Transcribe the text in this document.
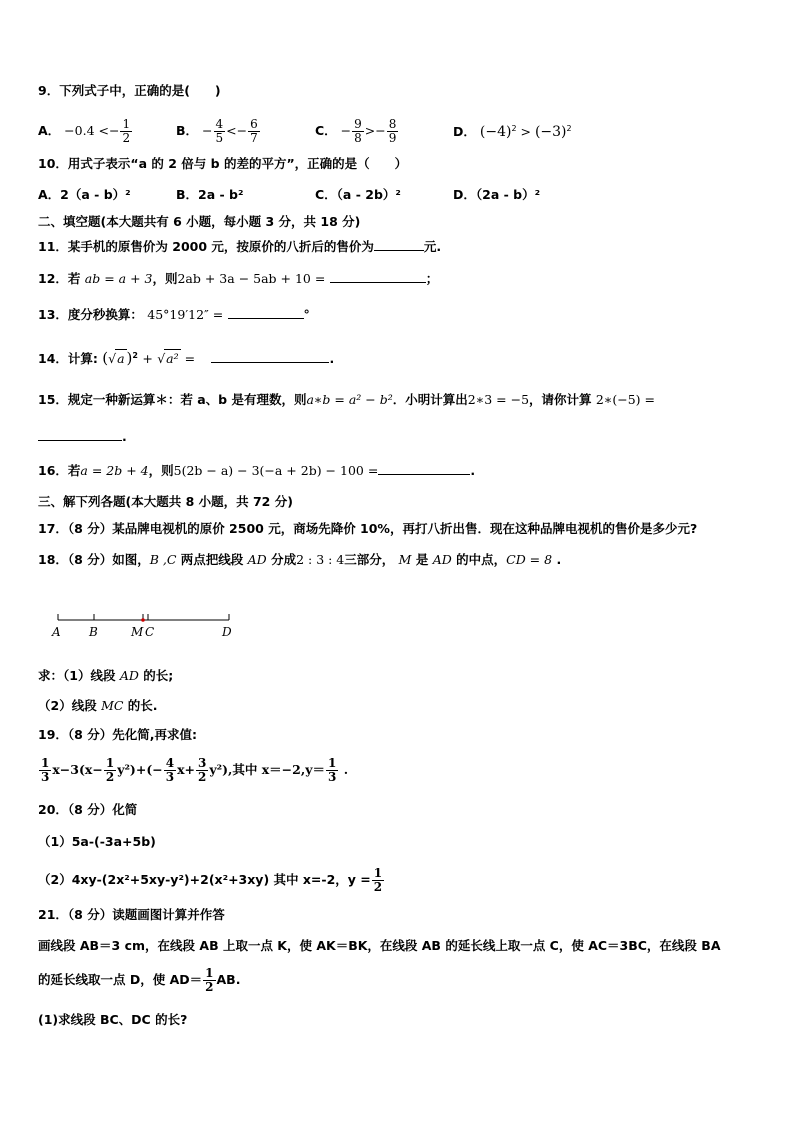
9．下列式子中，正确的是(　　)
A． $-0.4 <- \frac{1}{2}$	B． − $\frac{4}{5} <- \frac{6}{7}$	C． − $\frac{9}{8} >- \frac{8}{9}$	D． $(-4)^2 > (-3)^2$
10．用式子表示“a 的 2 倍与 b 的差的平方”，正确的是（　　）
A．2（a - b）²	B．2a - b²	C．（a - 2b）²	D．（2a - b）²
二、填空题(本大题共有 6 小题，每小题 3 分，共 18 分)
11．某手机的原售价为 2000 元，按原价的八折后的售价为	元.
12．若 ab = a + 3，则2ab + 3a − 5ab + 10 =	；
13．度分秒换算： 45°19′12″ =	°
14．计算: (√a )$^2$ + √a² =	.
15．规定一种新运算＊：若 a、b 是有理数，则a∗b = a² − b²．小明计算出2∗3 = −5，请你计算 2∗(−5) =
.
16．若a = 2b + 4，则5(2b − a) − 3(−a + 2b) − 100 =	.
三、解下列各题(本大题共 8 小题，共 72 分)
17．（8 分）某品牌电视机的原价 2500 元，商场先降价 10%，再打八折出售．现在这种品牌电视机的售价是多少元?
18．（8 分）如图，B ,C 两点把线段 AD 分成2 : 3 : 4三部分， M 是 AD 的中点，CD = 8 .
A B	M C	D
求：（1）线段 AD 的长;
（2）线段 MC 的长.
19．（8 分）先化简,再求值:
$\frac{1}{3} x-3(x- \frac{1}{2} y^2)+(- \frac{4}{3} x+ \frac{3}{2} y^2)$,其中 $x=-2,y= \frac{1}{3}$ .
20．（8 分）化简
（1）5a-(-3a+5b)
（2）4xy-(2x²+5xy-y²)+2(x²+3xy) 其中 x=-2，$y = \frac{1}{2}$
21．（8 分）读题画图计算并作答
画线段 AB＝3 cm，在线段 AB 上取一点 K，使 AK＝BK，在线段 AB 的延长线上取一点 C，使 AC＝3BC，在线段 BA
的延长线取一点 D，使 $AD= \frac{1}{2}$ AB.
(1)求线段 BC、DC 的长?
